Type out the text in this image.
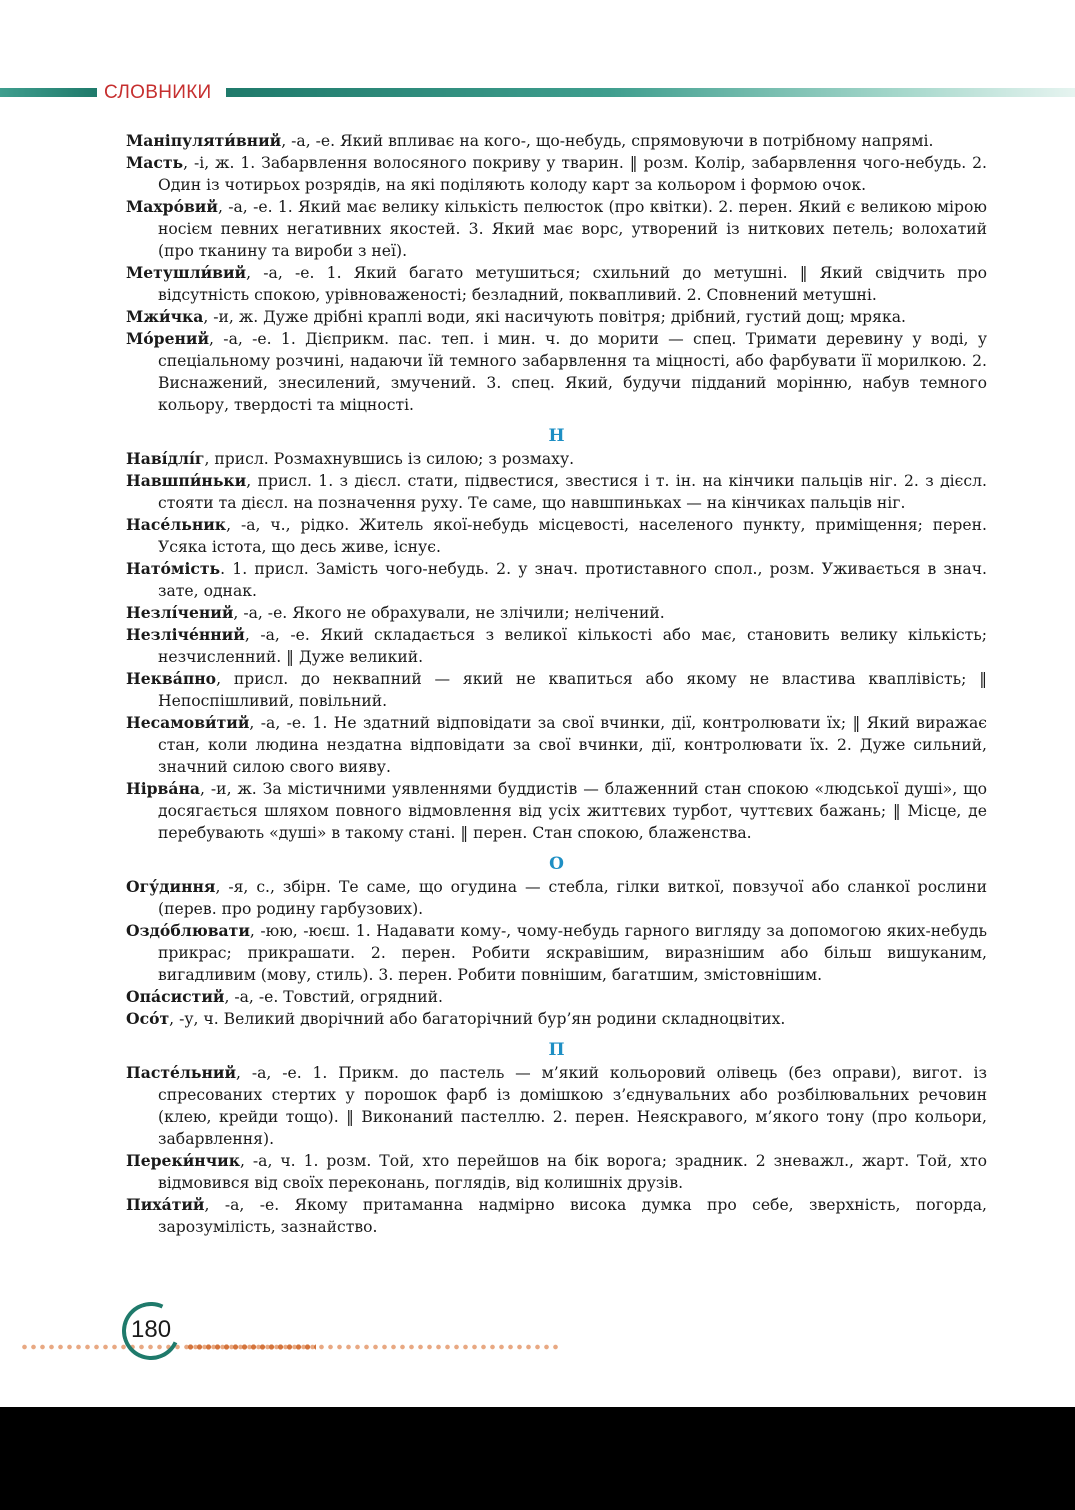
СЛОВНИКИ

Маніпуляти́вний, -а, -е. Який впливає на кого-, що-небудь, спрямовуючи в потрібному напрямі.

Масть, -і, ж. 1. Забарвлення волосяного покриву у тварин. ‖ розм. Колір, забарвлення чого-небудь. 2. Один із чотирьох розрядів, на які поділяють колоду карт за кольором і формою очок.

Махро́вий, -а, -е. 1. Який має велику кількість пелюсток (про квітки). 2. перен. Який є великою мірою носієм певних негативних якостей. 3. Який має ворс, утворений із ниткових петель; волохатий (про тканину та вироби з неї).

Метушли́вий, -а, -е. 1. Який багато метушиться; схильний до метушні. ‖ Який свідчить про відсутність спокою, урівноваженості; безладний, поквапливий. 2. Сповнений метушні.

Мжи́чка, -и, ж. Дуже дрібні краплі води, які насичують повітря; дрібний, густий дощ; мряка.

Мо́рений, -а, -е. 1. Дієприкм. пас. теп. і мин. ч. до морити — спец. Тримати деревину у воді, у спеціальному розчині, надаючи їй темного забарвлення та міцності, або фарбувати її морилкою. 2. Виснажений, знесилений, змучений. 3. спец. Який, будучи підданий морінню, набув темного кольору, твердості та міцності.

Н

Наві́длі́г, присл. Розмахнувшись із силою; з розмаху.

Навшпи́ньки, присл. 1. з дієсл. стати, підвестися, звестися і т. ін. на кінчики пальців ніг. 2. з дієсл. стояти та дієсл. на позначення руху. Те саме, що навшпиньках — на кінчиках пальців ніг.

Насе́льник, -а, ч., рідко. Житель якої-небудь місцевості, населеного пункту, приміщення; перен. Усяка істота, що десь живе, існує.

Нато́мість. 1. присл. Замість чого-небудь. 2. у знач. протиставного спол., розм. Уживається в знач. зате, однак.

Незлі́чений, -а, -е. Якого не обрахували, не злічили; нелічений.

Незліче́нний, -а, -е. Який складається з великої кількості або має, становить велику кількість; незчисленний. ‖ Дуже великий.

Неква́пно, присл. до неквапний — який не квапиться або якому не властива кваплівість; ‖ Непоспішливий, повільний.

Несамови́тий, -а, -е. 1. Не здатний відповідати за свої вчинки, дії, контролювати їх; ‖ Який виражає стан, коли людина нездатна відповідати за свої вчинки, дії, контролювати їх. 2. Дуже сильний, значний силою свого вияву.

Нірва́на, -и, ж. За містичними уявленнями буддистів — блаженний стан спокою «людської душі», що досягається шляхом повного відмовлення від усіх життєвих турбот, чуттєвих бажань; ‖ Місце, де перебувають «душі» в такому стані. ‖ перен. Стан спокою, блаженства.

О

Огу́диння, -я, с., збірн. Те саме, що огудина — стебла, гілки виткої, повзучої або сланкої рослини (перев. про родину гарбузових).

Оздо́блювати, -юю, -юєш. 1. Надавати кому-, чому-небудь гарного вигляду за допомогою яких-небудь прикрас; прикрашати. 2. перен. Робити яскравішим, виразнішим або більш вишуканим, вигадливим (мову, стиль). 3. перен. Робити повнішим, багатшим, змістовнішим.

Опа́систий, -а, -е. Товстий, огрядний.

Осо́т, -у, ч. Великий дворічний або багаторічний бур’ян родини складноцвітих.

П

Пасте́льний, -а, -е. 1. Прикм. до пастель — м’який кольоровий олівець (без оправи), вигот. із спресованих стертих у порошок фарб із домішкою з’єднувальних або розбілювальних речовин (клею, крейди тощо). ‖ Виконаний пастеллю. 2. перен. Неяскравого, м’якого тону (про кольори, забарвлення).

Переки́нчик, -а, ч. 1. розм. Той, хто перейшов на бік ворога; зрадник. 2 зневажл., жарт. Той, хто відмовився від своїх переконань, поглядів, від колишніх друзів.

Пиха́тий, -а, -е. Якому притаманна надмірно висока думка про себе, зверхність, погорда, зарозумілість, зазнайство.

180
